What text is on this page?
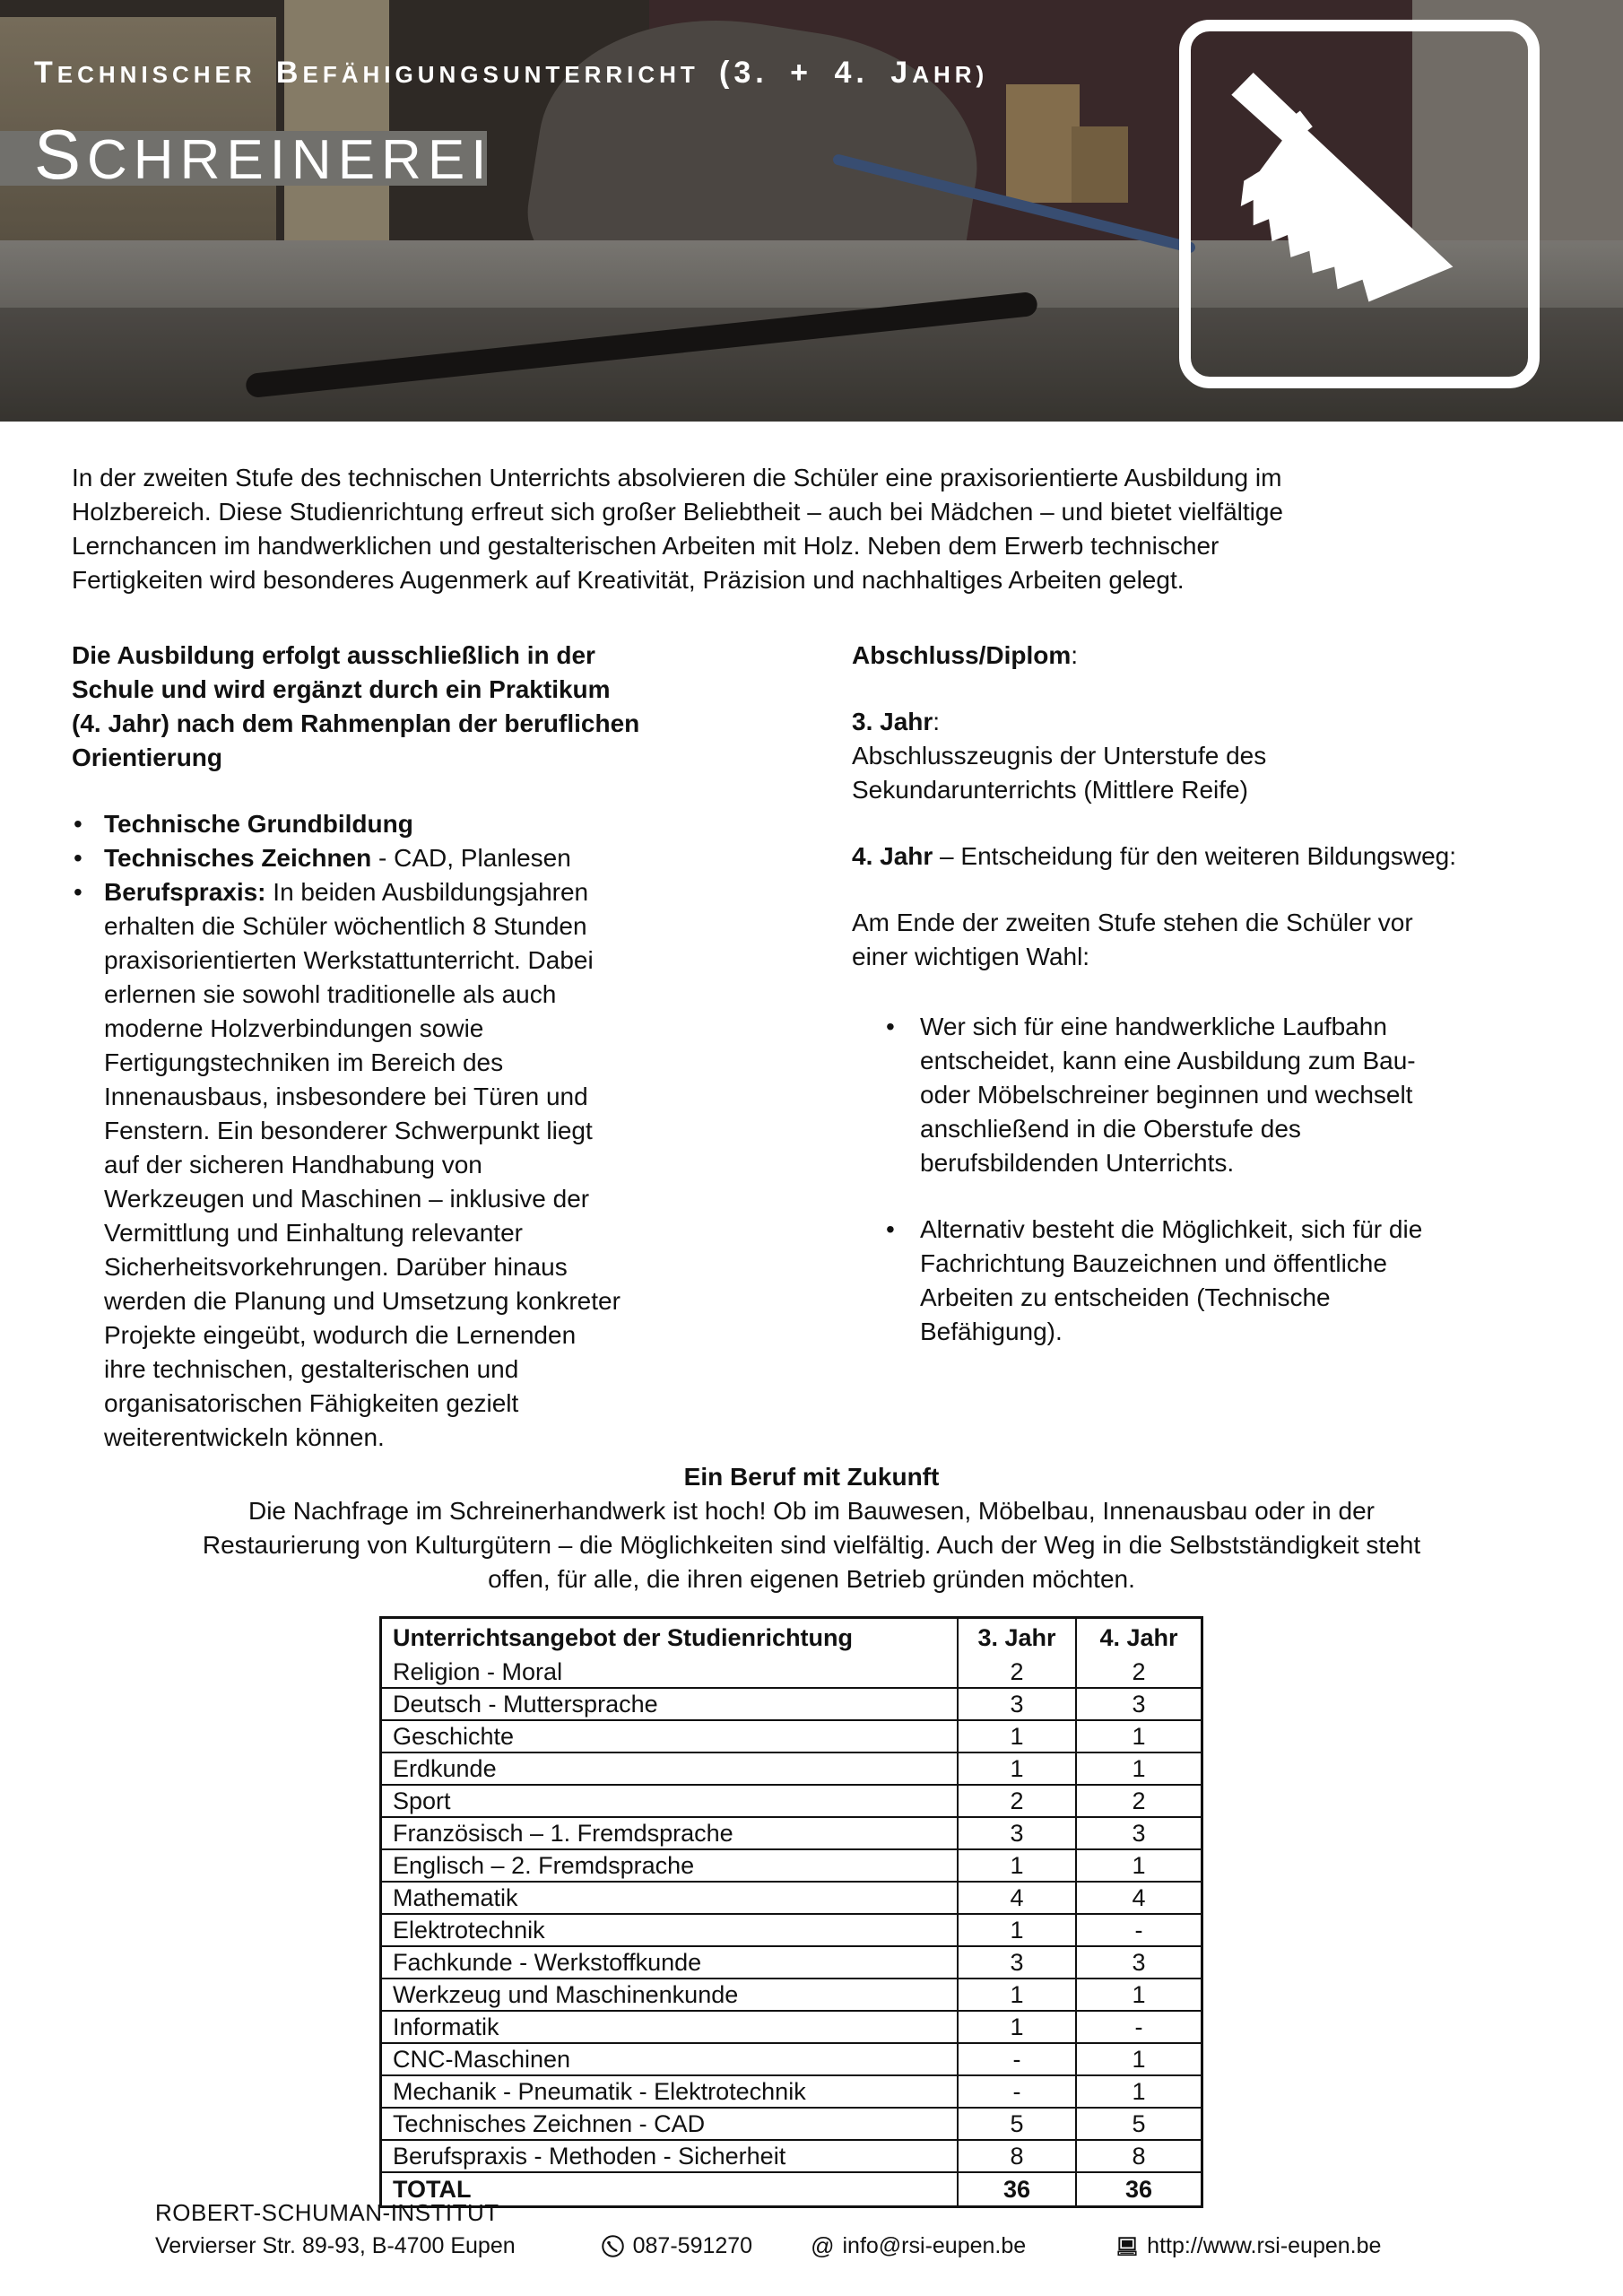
TECHNISCHER BEFÄHIGUNGSUNTERRICHT (3. + 4. JAHR)
SCHREINEREI
In der zweiten Stufe des technischen Unterrichts absolvieren die Schüler eine praxisorientierte Ausbildung im
Holzbereich. Diese Studienrichtung erfreut sich großer Beliebtheit – auch bei Mädchen – und bietet vielfältige
Lernchancen im handwerklichen und gestalterischen Arbeiten mit Holz. Neben dem Erwerb technischer
Fertigkeiten wird besonderes Augenmerk auf Kreativität, Präzision und nachhaltiges Arbeiten gelegt.

Die Ausbildung erfolgt ausschließlich in der
Schule und wird ergänzt durch ein Praktikum
(4. Jahr) nach dem Rahmenplan der beruflichen
Orientierung

• Technische Grundbildung
• Technisches Zeichnen - CAD, Planlesen
• Berufspraxis: In beiden Ausbildungsjahren
erhalten die Schüler wöchentlich 8 Stunden
praxisorientierten Werkstattunterricht. Dabei
erlernen sie sowohl traditionelle als auch
moderne Holzverbindungen sowie
Fertigungstechniken im Bereich des
Innenausbaus, insbesondere bei Türen und
Fenstern. Ein besonderer Schwerpunkt liegt
auf der sicheren Handhabung von
Werkzeugen und Maschinen – inklusive der
Vermittlung und Einhaltung relevanter
Sicherheitsvorkehrungen. Darüber hinaus
werden die Planung und Umsetzung konkreter
Projekte eingeübt, wodurch die Lernenden
ihre technischen, gestalterischen und
organisatorischen Fähigkeiten gezielt
weiterentwickeln können.

Abschluss/Diplom:

3. Jahr:

Abschlusszeugnis der Unterstufe des
Sekundarunterrichts (Mittlere Reife)

4. Jahr – Entscheidung für den weiteren Bildungsweg:

Am Ende der zweiten Stufe stehen die Schüler vor
einer wichtigen Wahl:

• Wer sich für eine handwerkliche Laufbahn
entscheidet, kann eine Ausbildung zum Bau-
oder Möbelschreiner beginnen und wechselt
anschließend in die Oberstufe des
berufsbildenden Unterrichts.
• Alternativ besteht die Möglichkeit, sich für die
Fachrichtung Bauzeichnen und öffentliche
Arbeiten zu entscheiden (Technische
Befähigung).
Ein Beruf mit Zukunft
Die Nachfrage im Schreinerhandwerk ist hoch! Ob im Bauwesen, Möbelbau, Innenausbau oder in der
Restaurierung von Kulturgütern – die Möglichkeiten sind vielfältig. Auch der Weg in die Selbstständigkeit steht
offen, für alle, die ihren eigenen Betrieb gründen möchten.
Unterrichtsangebot der Studienrichtung	3. Jahr	4. Jahr
Religion - Moral	2	2
Deutsch - Muttersprache	3	3
Geschichte	1	1
Erdkunde	1	1
Sport	2	2
Französisch – 1. Fremdsprache	3	3
Englisch – 2. Fremdsprache	1	1
Mathematik	4	4
Elektrotechnik	1	-
Fachkunde - Werkstoffkunde	3	3
Werkzeug und Maschinenkunde	1	1
Informatik	1	-
CNC-Maschinen	-	1
Mechanik - Pneumatik - Elektrotechnik	-	1
Technisches Zeichnen - CAD	5	5
Berufspraxis - Methoden - Sicherheit	8	8
TOTAL	36	36
ROBERT-SCHUMAN-INSTITUT
Vervierser Str. 89-93, B-4700 Eupen	087-591270	@ info@rsi-eupen.be	http://www.rsi-eupen.be
